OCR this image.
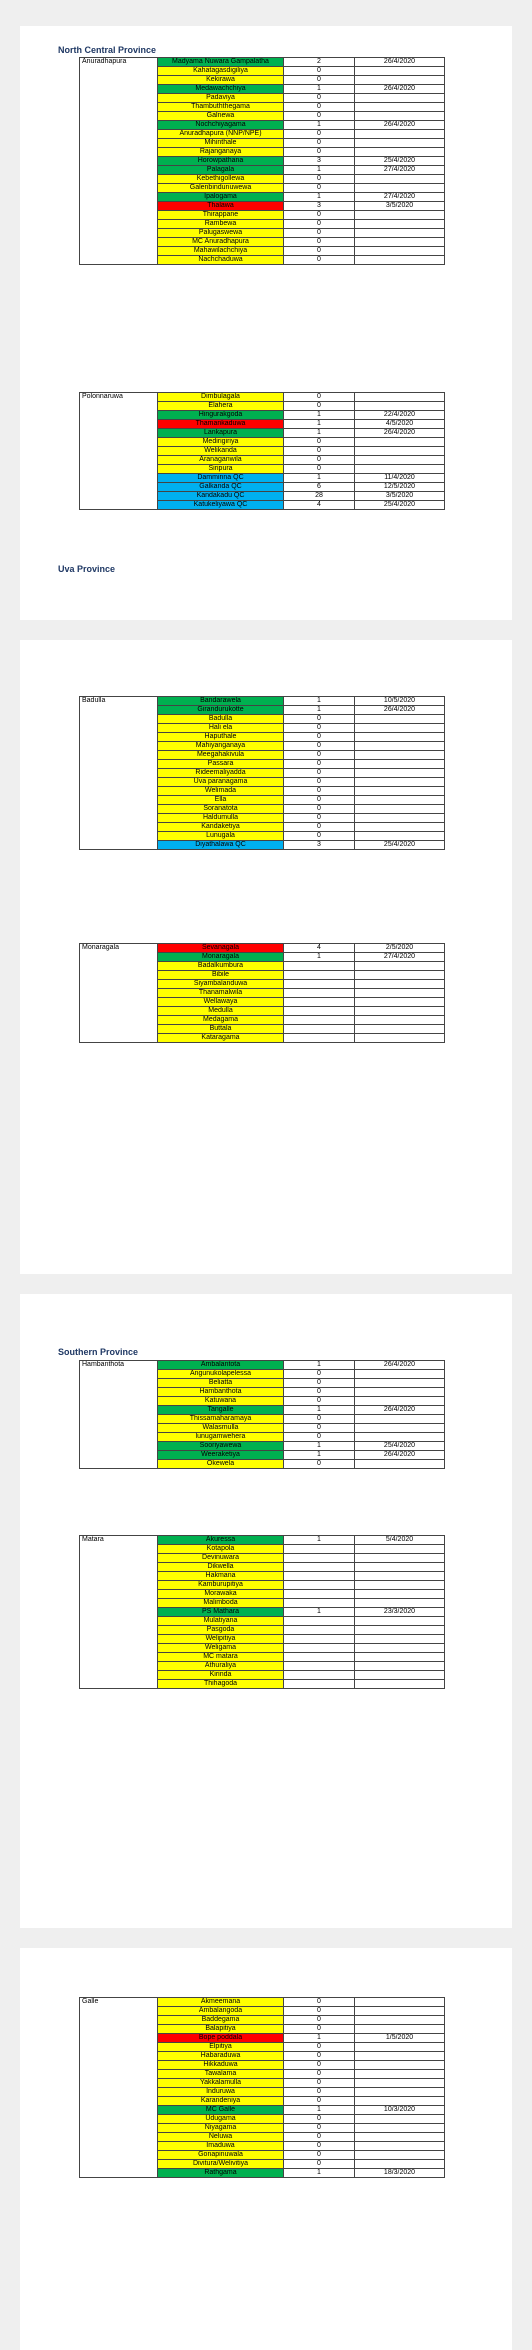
North Central Province
Uva Province
Southern Province
Anuradhapura	Madyama Nuwara Gampalatha	2	26/4/2020
	Kahatagasdigiliya	0	
	Kekirawa	0	
	Medawachchiya	1	26/4/2020
	Padaviya	0	
	Thambuththegama	0	
	Galnewa	0	
	Nochchiyagama	1	26/4/2020
	Anuradhapura (NNP/NPE)	0	
	Mihinthale	0	
	Rajanganaya	0	
	Horowpathana	3	25/4/2020
	Palagala	1	27/4/2020
	Kebethigollewa	0	
	Galenbindunuwewa	0	
	Ipalogama	1	27/4/2020
	Thalawa	3	3/5/2020
	Thirappane	0	
	Rambewa	0	
	Palugaswewa	0	
	MC Anuradhapura	0	
	Mahawilachchiya	0	
	Nachchaduwa	0	
Polonnaruwa	Dimbulagala	0	
	Elahera	0	
	Hingurakgoda	1	22/4/2020
	Thamankaduwa	1	4/5/2020
	Lankapura	1	26/4/2020
	Medirigiriya	0	
	Welikanda	0	
	Aranaganwila	0	
	Siripura	0	
	Damminna QC	1	11/4/2020
	Galkanda QC	6	12/5/2020
	Kandakadu QC	28	3/5/2020
	Katukeliyawa QC	4	25/4/2020
Badulla	Bandarawela	1	10/5/2020
	Girandurukotte	1	26/4/2020
	Badulla	0	
	Hali ela	0	
	Haputhale	0	
	Mahiyanganaya	0	
	Meegahakivula	0	
	Passara	0	
	Rideemaliyadda	0	
	Uva paranagama	0	
	Welimada	0	
	Ella	0	
	Soranatota	0	
	Haldumulla	0	
	Kandaketiya	0	
	Lunugala	0	
	Diyathalawa QC	3	25/4/2020
Monaragala	Sevanagala	4	2/5/2020
	Monaragala	1	27/4/2020
	Badalkumbura		
	Bibile		
	Siyambalanduwa		
	Thanamalwila		
	Wellawaya		
	Medulla		
	Medagama		
	Buttala		
	Kataragama		
Hambanthota	Ambalantota	1	26/4/2020
	Angunukolapelessa	0	
	Beliatta	0	
	Hambanthota	0	
	Katuwana	0	
	Tangalle	1	26/4/2020
	Thissamaharamaya	0	
	Walasmulla	0	
	lunugamwehera	0	
	Sooriyawewa	1	25/4/2020
	Weeraketiya	1	26/4/2020
	Okewela	0	
Matara	Akuressa	1	5/4/2020
	Kotapola		
	Devinuwara		
	Dikwella		
	Hakmana		
	Kamburupitiya		
	Morawaka		
	Malimboda		
	PS Mathara	1	23/3/2020
	Mulatiyana		
	Pasgoda		
	Welipitiya		
	Weligama		
	MC matara		
	Athuraliya		
	Kirinda		
	Thihagoda		
Galle	Akmeemana	0	
	Ambalangoda	0	
	Baddegama	0	
	Balapitiya	0	
	Bope poddala	1	1/5/2020
	Elpitiya	0	
	Habaraduwa	0	
	Hikkaduwa	0	
	Tawalama	0	
	Yakkalamulla	0	
	Induruwa	0	
	Karandeniya	0	
	MC Galle	1	10/3/2020
	Udugama	0	
	Niyagama	0	
	Neluwa	0	
	Imaduwa	0	
	Gonapinuwala	0	
	Divitura/Welivitiya	0	
	Rathgama	1	18/3/2020
